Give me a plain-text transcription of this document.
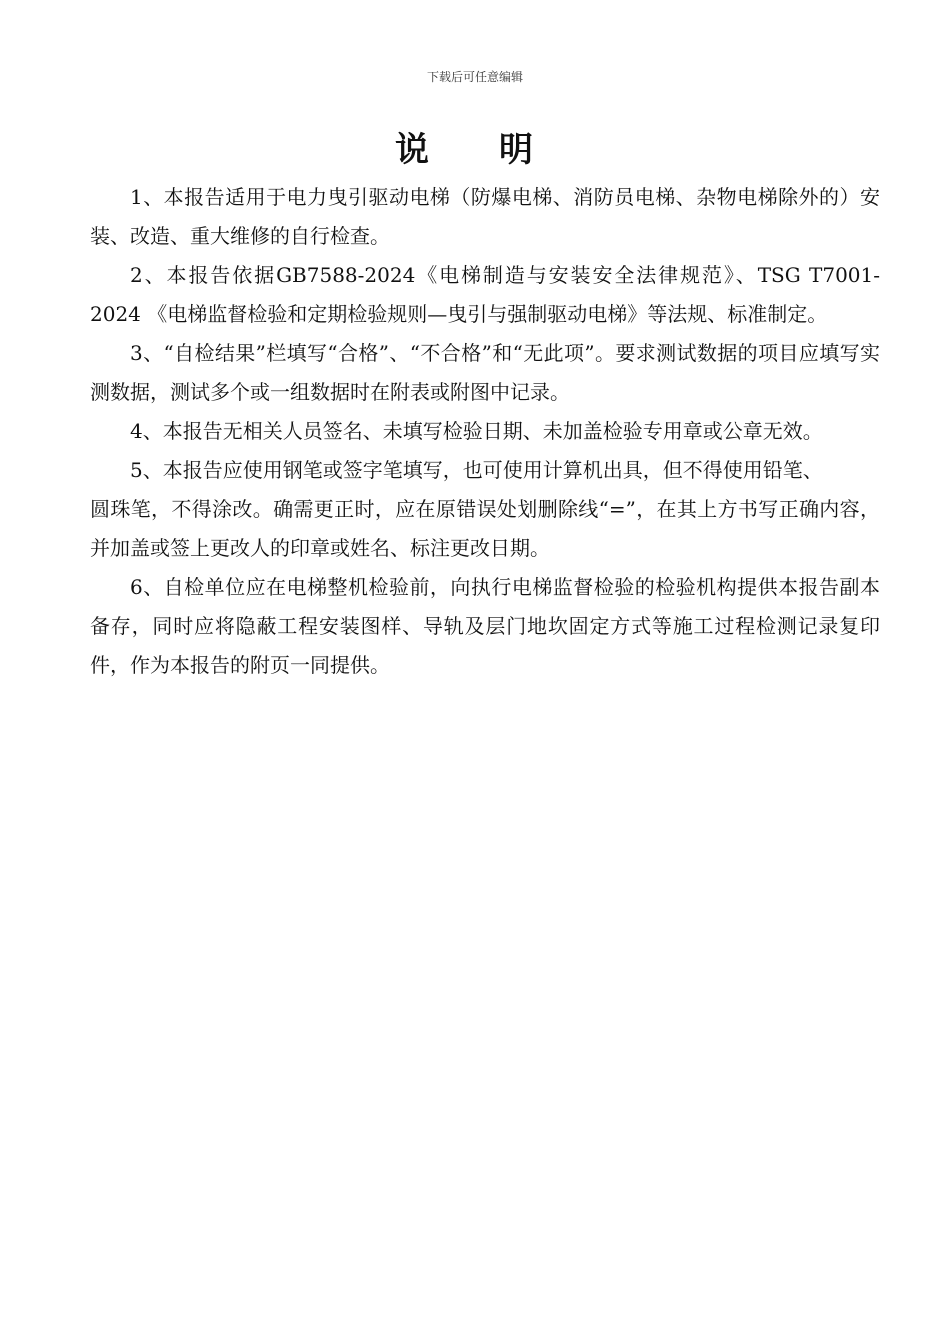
下载后可任意编辑
说明

1、本报告适用于电力曳引驱动电梯（防爆电梯、消防员电梯、杂物电梯除外的）安装、改造、重大维修的自行检查。

2、本报告依据GB7588-2024《电梯制造与安装安全法律规范》、TSG T7001-2024 《电梯监督检验和定期检验规则—曳引与强制驱动电梯》等法规、标准制定。

3、“自检结果”栏填写“合格”、“不合格”和“无此项”。要求测试数据的项目应填写实测数据，测试多个或一组数据时在附表或附图中记录。

4、本报告无相关人员签名、未填写检验日期、未加盖检验专用章或公章无效。

5、本报告应使用钢笔或签字笔填写，也可使用计算机出具，但不得使用铅笔、

圆珠笔，不得涂改。确需更正时，应在原错误处划删除线“=”，在其上方书写正确内容，并加盖或签上更改人的印章或姓名、标注更改日期。

6、自检单位应在电梯整机检验前，向执行电梯监督检验的检验机构提供本报告副本备存，同时应将隐蔽工程安装图样、导轨及层门地坎固定方式等施工过程检测记录复印件，作为本报告的附页一同提供。
